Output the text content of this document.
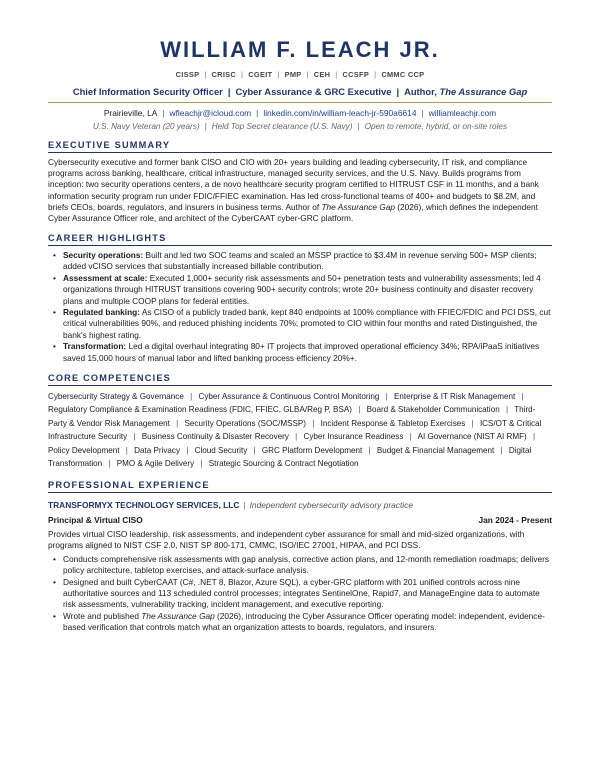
WILLIAM F. LEACH JR.
CISSP | CRISC | CGEIT | PMP | CEH | CCSFP | CMMC CCP
Chief Information Security Officer | Cyber Assurance & GRC Executive | Author, The Assurance Gap
Prairieville, LA | wfleachjr@icloud.com | linkedin.com/in/william-leach-jr-590a6614 | williamleachjr.com
U.S. Navy Veteran (20 years) | Held Top Secret clearance (U.S. Navy) | Open to remote, hybrid, or on-site roles
EXECUTIVE SUMMARY
Cybersecurity executive and former bank CISO and CIO with 20+ years building and leading cybersecurity, IT risk, and compliance programs across banking, healthcare, critical infrastructure, managed security services, and the U.S. Navy. Builds programs from inception: two security operations centers, a de novo healthcare security program certified to HITRUST CSF in 11 months, and a bank information security program run under FDIC/FFIEC examination. Has led cross-functional teams of 400+ and budgets to $8.2M, and briefs CEOs, boards, regulators, and insurers in business terms. Author of The Assurance Gap (2026), which defines the independent Cyber Assurance Officer role, and architect of the CyberCAAT cyber-GRC platform.
CAREER HIGHLIGHTS
• Security operations: Built and led two SOC teams and scaled an MSSP practice to $3.4M in revenue serving 500+ MSP clients; added vCISO services that substantially increased billable contribution.
• Assessment at scale: Executed 1,000+ security risk assessments and 50+ penetration tests and vulnerability assessments; led 4 organizations through HITRUST transitions covering 900+ security controls; wrote 20+ business continuity and disaster recovery plans and multiple COOP plans for federal entities.
• Regulated banking: As CISO of a publicly traded bank, kept 840 endpoints at 100% compliance with FFIEC/FDIC and PCI DSS, cut critical vulnerabilities 90%, and reduced phishing incidents 70%; promoted to CIO within four months and rated Distinguished, the bank's highest rating.
• Transformation: Led a digital overhaul integrating 80+ IT projects that improved operational efficiency 34%; RPA/iPaaS initiatives saved 15,000 hours of manual labor and lifted banking process efficiency 20%+.
CORE COMPETENCIES
Cybersecurity Strategy & Governance | Cyber Assurance & Continuous Control Monitoring | Enterprise & IT Risk Management | Regulatory Compliance & Examination Readiness (FDIC, FFIEC, GLBA/Reg P, BSA) | Board & Stakeholder Communication | Third-Party & Vendor Risk Management | Security Operations (SOC/MSSP) | Incident Response & Tabletop Exercises | ICS/OT & Critical Infrastructure Security | Business Continuity & Disaster Recovery | Cyber Insurance Readiness | AI Governance (NIST AI RMF) | Policy Development | Data Privacy | Cloud Security | GRC Platform Development | Budget & Financial Management | Digital Transformation | PMO & Agile Delivery | Strategic Sourcing & Contract Negotiation
PROFESSIONAL EXPERIENCE
TRANSFORMYX TECHNOLOGY SERVICES, LLC | Independent cybersecurity advisory practice
Principal & Virtual CISO	Jan 2024 - Present
Provides virtual CISO leadership, risk assessments, and independent cyber assurance for small and mid-sized organizations, with programs aligned to NIST CSF 2.0, NIST SP 800-171, CMMC, ISO/IEC 27001, HIPAA, and PCI DSS.
• Conducts comprehensive risk assessments with gap analysis, corrective action plans, and 12-month remediation roadmaps; delivers policy architecture, tabletop exercises, and attack-surface analysis.
• Designed and built CyberCAAT (C#, .NET 8, Blazor, Azure SQL), a cyber-GRC platform with 201 unified controls across nine authoritative sources and 113 scheduled control processes; integrates SentinelOne, Rapid7, and ManageEngine data to automate risk assessments, vulnerability tracking, incident management, and executive reporting.
• Wrote and published The Assurance Gap (2026), introducing the Cyber Assurance Officer operating model: independent, evidence-based verification that controls match what an organization attests to boards, regulators, and insurers.
